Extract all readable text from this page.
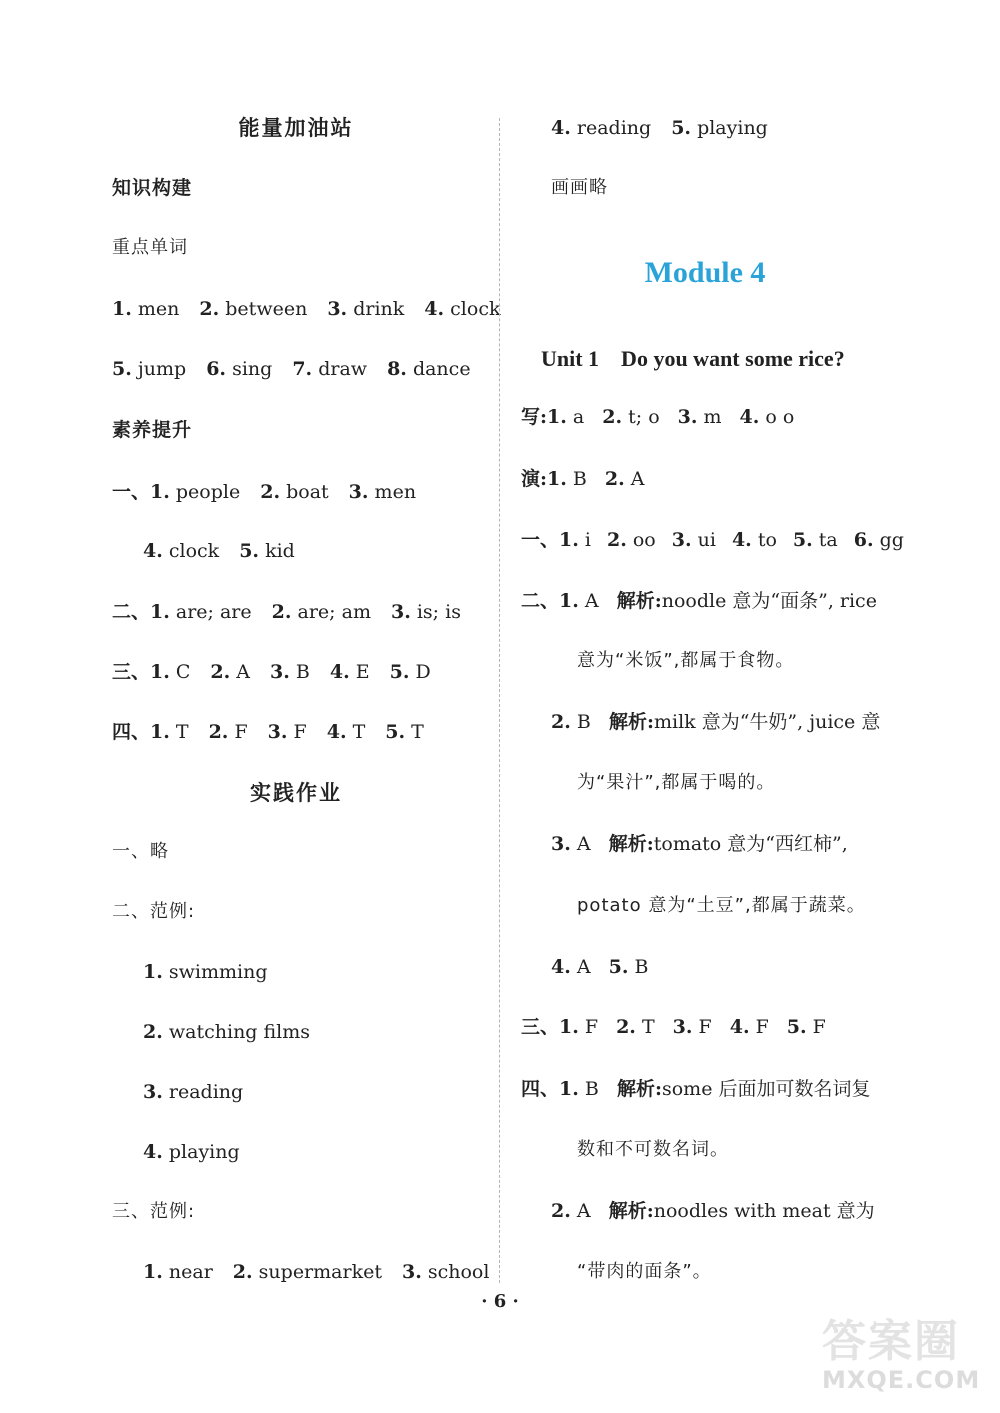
能量加油站
知识构建
重点单词
1. men 2. between 3. drink 4. clock
5. jump 6. sing 7. draw 8. dance
素养提升
一、1. people 2. boat 3. men
4. clock 5. kid
二、1. are; are 2. are; am 3. is; is
三、1. C 2. A 3. B 4. E 5. D
四、1. T 2. F 3. F 4. T 5. T
实践作业
一、略
二、范例:
1. swimming
2. watching films
3. reading
4. playing
三、范例:
1. near 2. supermarket 3. school
4. reading 5. playing
画画略
Module 4
Unit 1    Do you want some rice?
写:1. a 2. t; o 3. m 4. o o
演:1. B 2. A
一、1. i 2. oo 3. ui 4. to 5. ta 6. gg
二、1. A   解析:noodle 意为“面条”, rice
意为“米饭”,都属于食物。
2. B   解析:milk 意为“牛奶”, juice 意
为“果汁”,都属于喝的。
3. A   解析:tomato 意为“西红柿”,
potato 意为“土豆”,都属于蔬菜。
4. A 5. B
三、1. F 2. T 3. F 4. F 5. F
四、1. B   解析:some 后面加可数名词复
数和不可数名词。
2. A   解析:noodles with meat 意为
“带肉的面条”。
· 6 ·
答案圈
MXQE.COM
